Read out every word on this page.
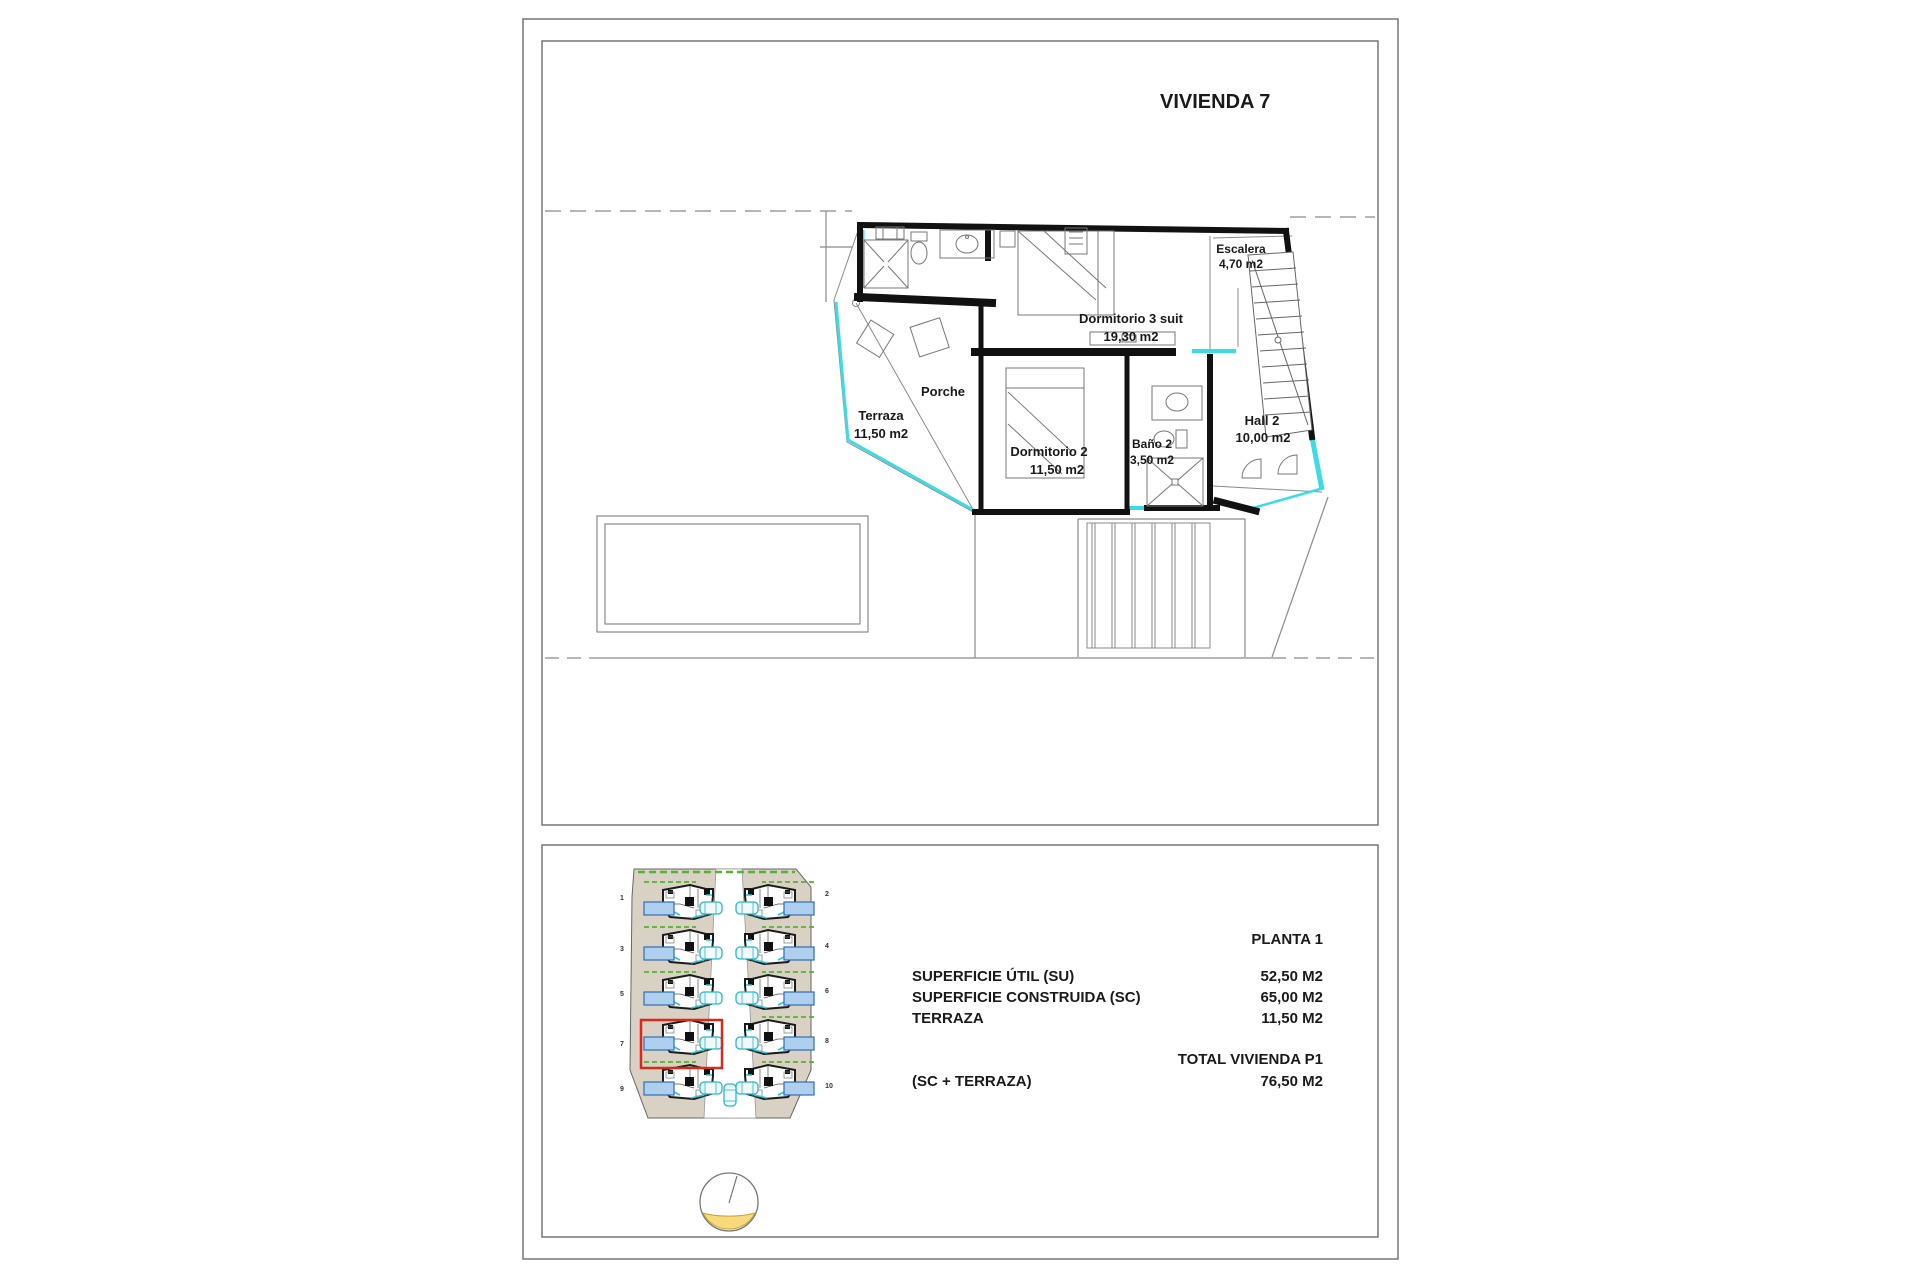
VIVIENDA 7
Escalera
4,70 m2
Dormitorio 3 suit
19,30 m2
Porche
Terraza
11,50 m2
Dormitorio 2
11,50 m2
Baño 2
3,50 m2
Hall 2
10,00 m2
1
2
3	4
5	6
7	8
9	10
PLANTA 1
SUPERFICIE ÚTIL (SU)	52,50 M2
SUPERFICIE CONSTRUIDA (SC)	65,00 M2
TERRAZA	11,50 M2
TOTAL VIVIENDA P1
(SC + TERRAZA)	76,50 M2
